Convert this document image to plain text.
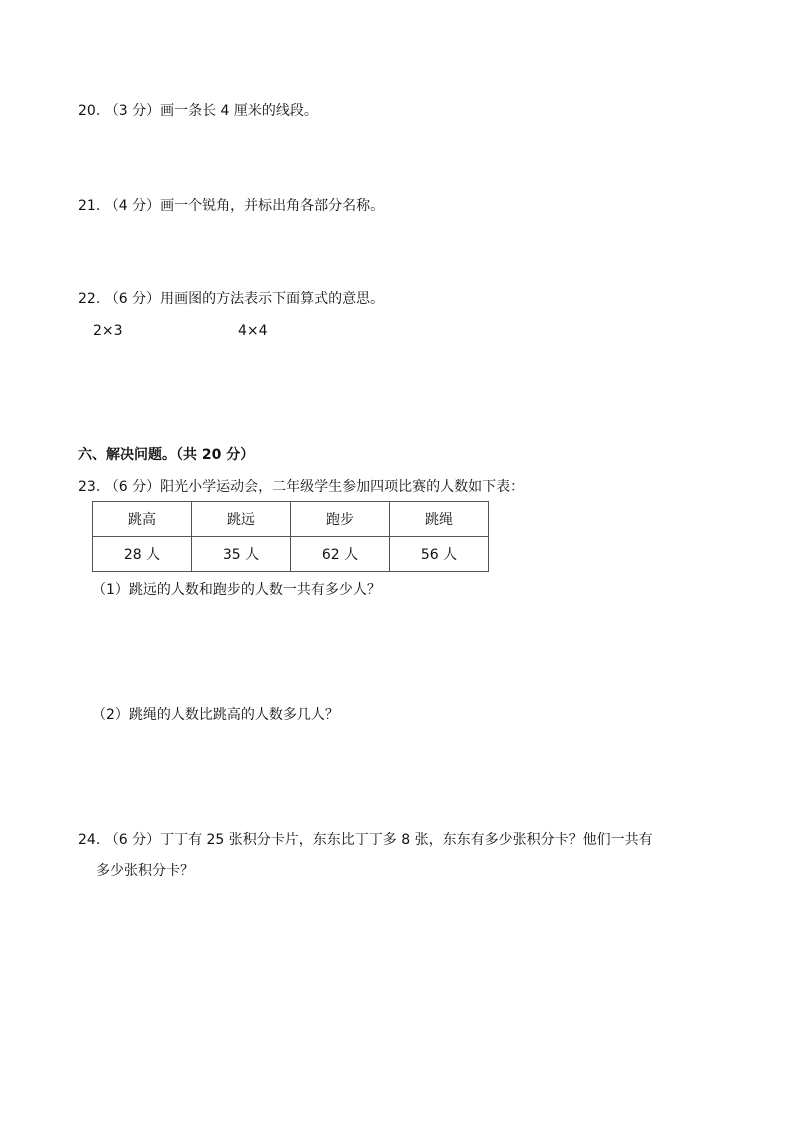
20. （3 分）画一条长 4 厘米的线段。
21. （4 分）画一个锐角，并标出角各部分名称。
22. （6 分）用画图的方法表示下面算式的意思。
2×3	4×4
六、解决问题。（共 20 分）
23. （6 分）阳光小学运动会，二年级学生参加四项比赛的人数如下表：
跳高	跳远	跑步	跳绳
28 人	35 人	62 人	56 人
（1）跳远的人数和跑步的人数一共有多少人？
（2）跳绳的人数比跳高的人数多几人？
24. （6 分）丁丁有 25 张积分卡片，东东比丁丁多 8 张，东东有多少张积分卡？他们一共有
多少张积分卡？
